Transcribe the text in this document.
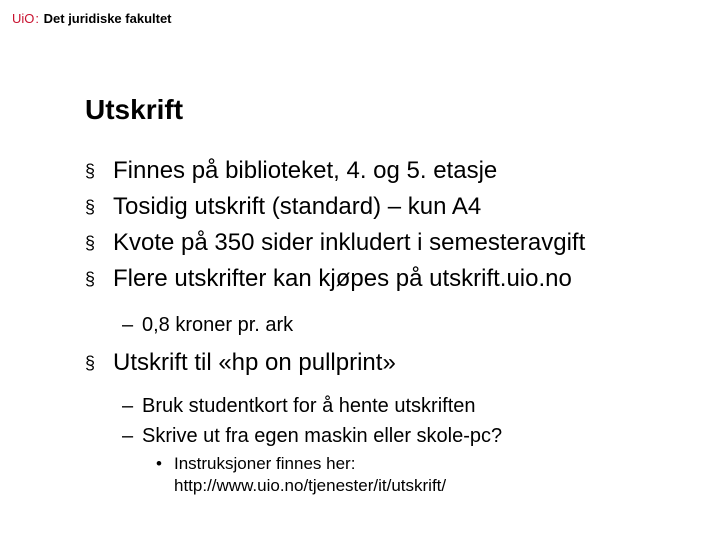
UiO: Det juridiske fakultet
Utskrift
§ Finnes på biblioteket, 4. og 5. etasje
§ Tosidig utskrift (standard) – kun A4
§ Kvote på 350 sider inkludert i semesteravgift
§ Flere utskrifter kan kjøpes på utskrift.uio.no
– 0,8 kroner pr. ark
§ Utskrift til «hp on pullprint»
– Bruk studentkort for å hente utskriften
– Skrive ut fra egen maskin eller skole-pc?
• Instruksjoner finnes her:
http://www.uio.no/tjenester/it/utskrift/
